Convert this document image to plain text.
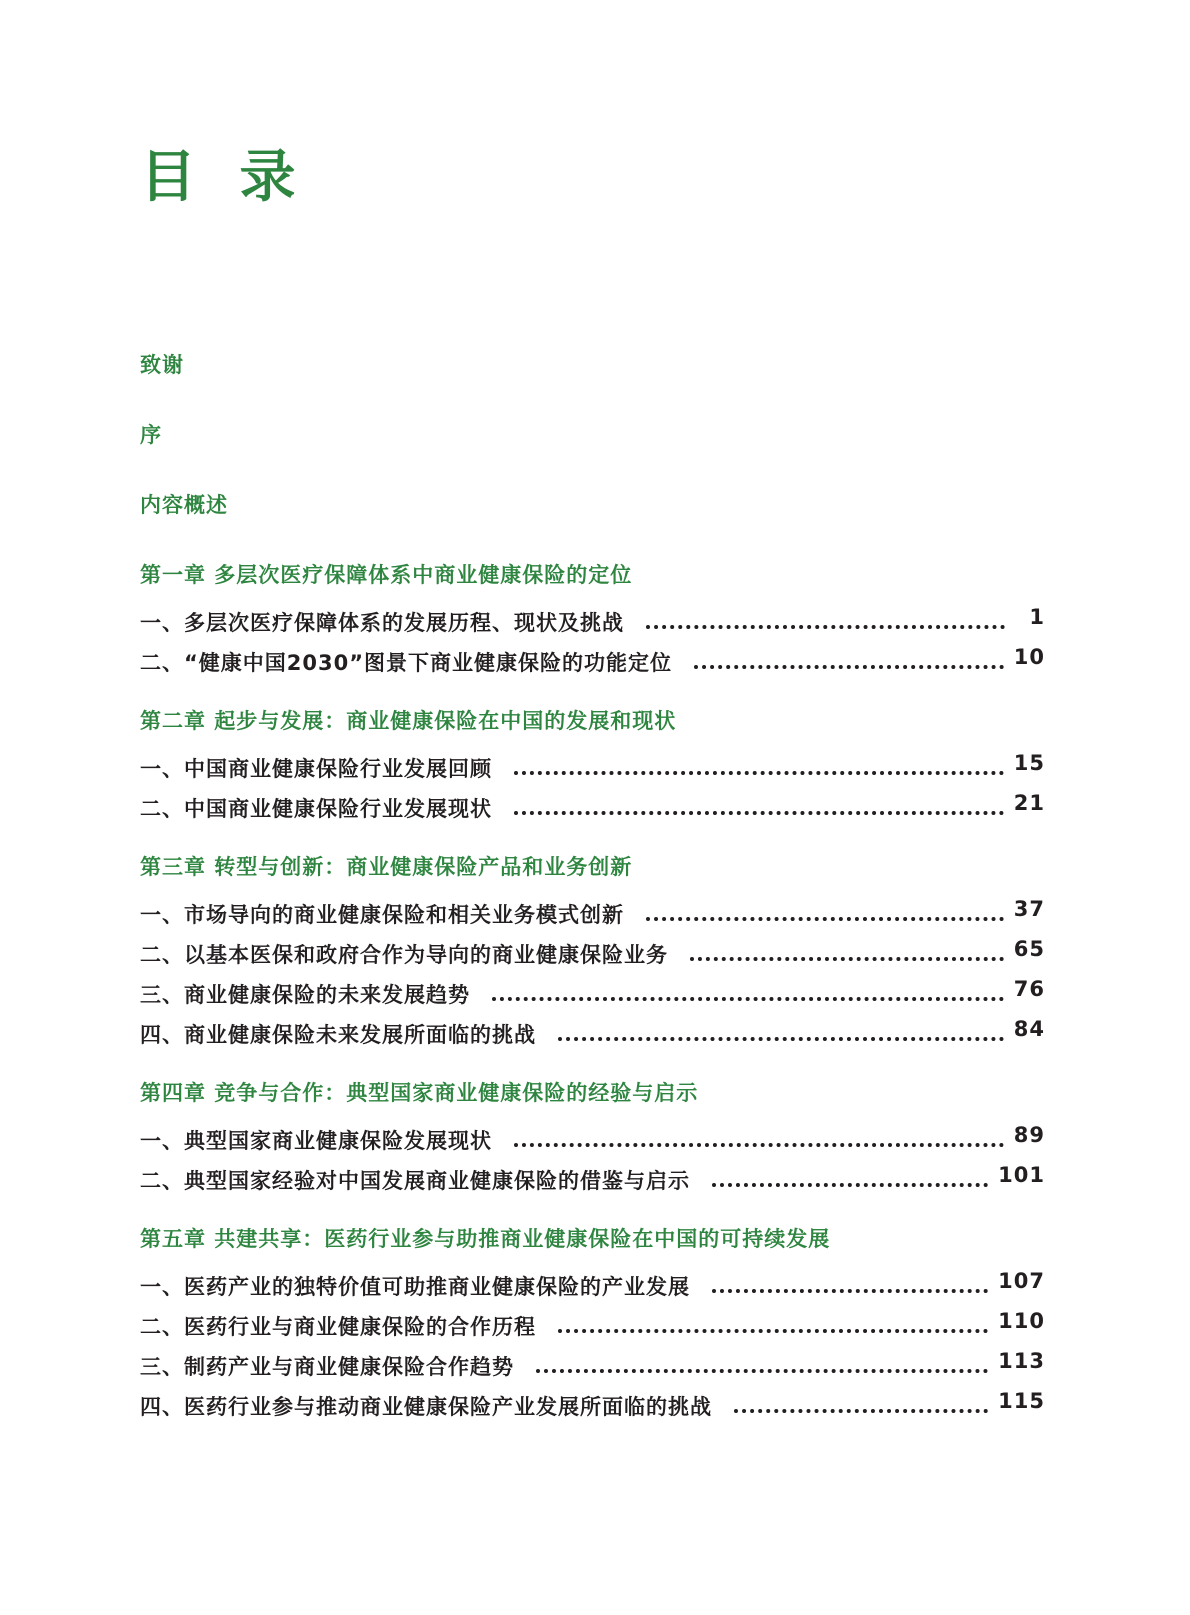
目 录
致谢
序
内容概述
第一章 多层次医疗保障体系中商业健康保险的定位
一、多层次医疗保障体系的发展历程、现状及挑战	1
二、“健康中国2030”图景下商业健康保险的功能定位	10
第二章 起步与发展：商业健康保险在中国的发展和现状
一、中国商业健康保险行业发展回顾	15
二、中国商业健康保险行业发展现状	21
第三章 转型与创新：商业健康保险产品和业务创新
一、市场导向的商业健康保险和相关业务模式创新	37
二、以基本医保和政府合作为导向的商业健康保险业务	65
三、商业健康保险的未来发展趋势	76
四、商业健康保险未来发展所面临的挑战	84
第四章 竞争与合作：典型国家商业健康保险的经验与启示
一、典型国家商业健康保险发展现状	89
二、典型国家经验对中国发展商业健康保险的借鉴与启示	101
第五章 共建共享：医药行业参与助推商业健康保险在中国的可持续发展
一、医药产业的独特价值可助推商业健康保险的产业发展	107
二、医药行业与商业健康保险的合作历程	110
三、制药产业与商业健康保险合作趋势	113
四、医药行业参与推动商业健康保险产业发展所面临的挑战	115
